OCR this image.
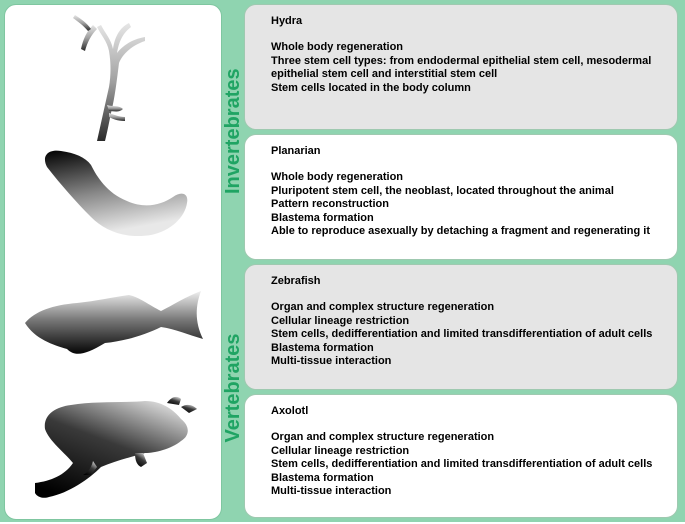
Invertebrates
Vertebrates
Hydra
Whole body regeneration
Three stem cell types: from endodermal epithelial stem cell, mesodermal epithelial stem cell and interstitial stem cell
Stem cells located in the body column
Planarian
Whole body regeneration
Pluripotent stem cell, the neoblast, located throughout the animal
Pattern reconstruction
Blastema formation
Able to reproduce asexually by detaching a fragment and regenerating it
Zebrafish
Organ and complex structure regeneration
Cellular lineage restriction
Stem cells, dedifferentiation and limited transdifferentiation of adult cells
Blastema formation
Multi-tissue interaction
Axolotl
Organ and complex structure regeneration
Cellular lineage restriction
Stem cells, dedifferentiation and limited transdifferentiation of adult cells
Blastema formation
Multi-tissue interaction
